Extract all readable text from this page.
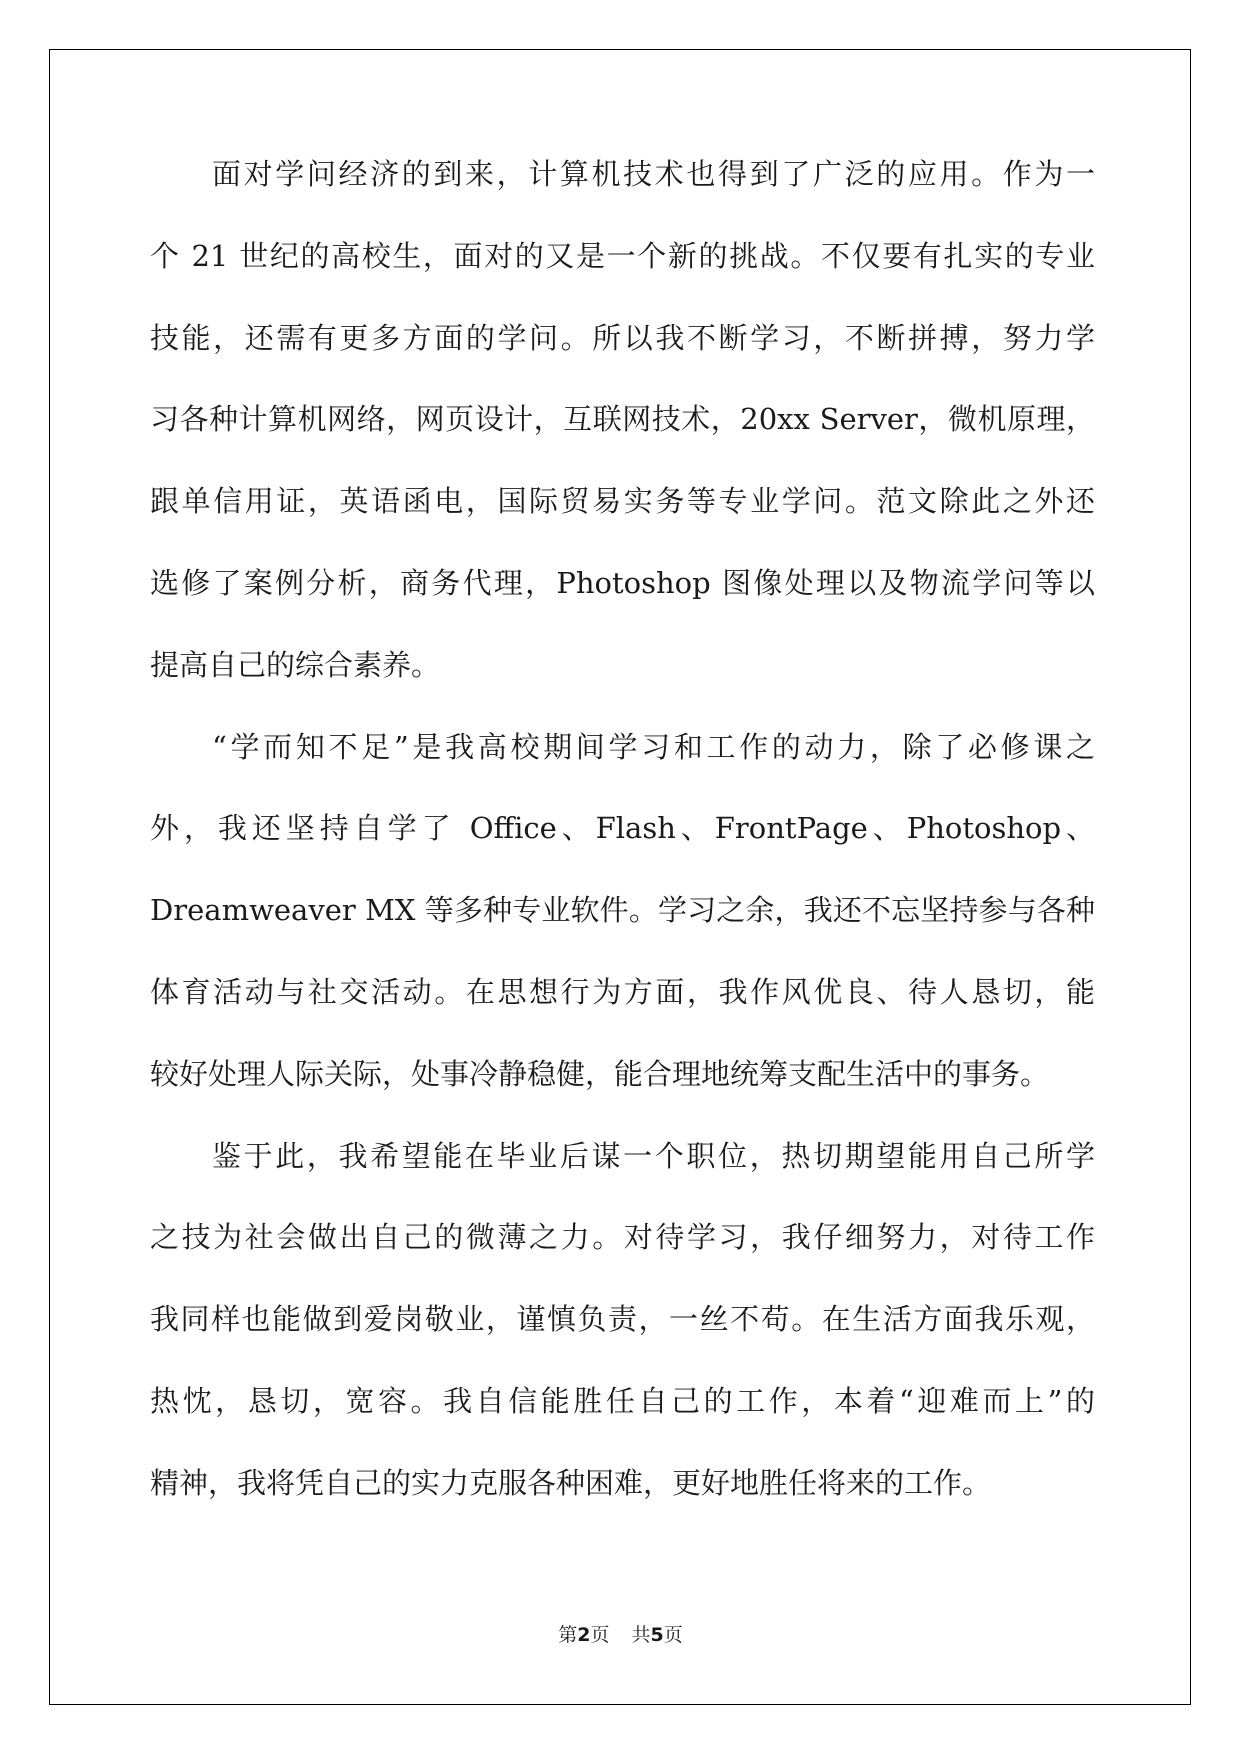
面对学问经济的到来，计算机技术也得到了广泛的应用。作为一
个 21 世纪的高校生，面对的又是一个新的挑战。不仅要有扎实的专业
技能，还需有更多方面的学问。所以我不断学习，不断拼搏，努力学
习各种计算机网络，网页设计，互联网技术，20xx Server，微机原理，
跟单信用证，英语函电，国际贸易实务等专业学问。范文除此之外还
选修了案例分析，商务代理，Photoshop 图像处理以及物流学问等以
提高自己的综合素养。
“学而知不足”是我高校期间学习和工作的动力，除了必修课之
外，我还坚持自学了 Office、Flash、FrontPage、Photoshop、
Dreamweaver MX 等多种专业软件。学习之余，我还不忘坚持参与各种
体育活动与社交活动。在思想行为方面，我作风优良、待人恳切，能
较好处理人际关际，处事冷静稳健，能合理地统筹支配生活中的事务。
鉴于此，我希望能在毕业后谋一个职位，热切期望能用自己所学
之技为社会做出自己的微薄之力。对待学习，我仔细努力，对待工作
我同样也能做到爱岗敬业，谨慎负责，一丝不苟。在生活方面我乐观，
热忱，恳切，宽容。我自信能胜任自己的工作，本着“迎难而上”的
精神，我将凭自己的实力克服各种困难，更好地胜任将来的工作。
第2页 共5页
